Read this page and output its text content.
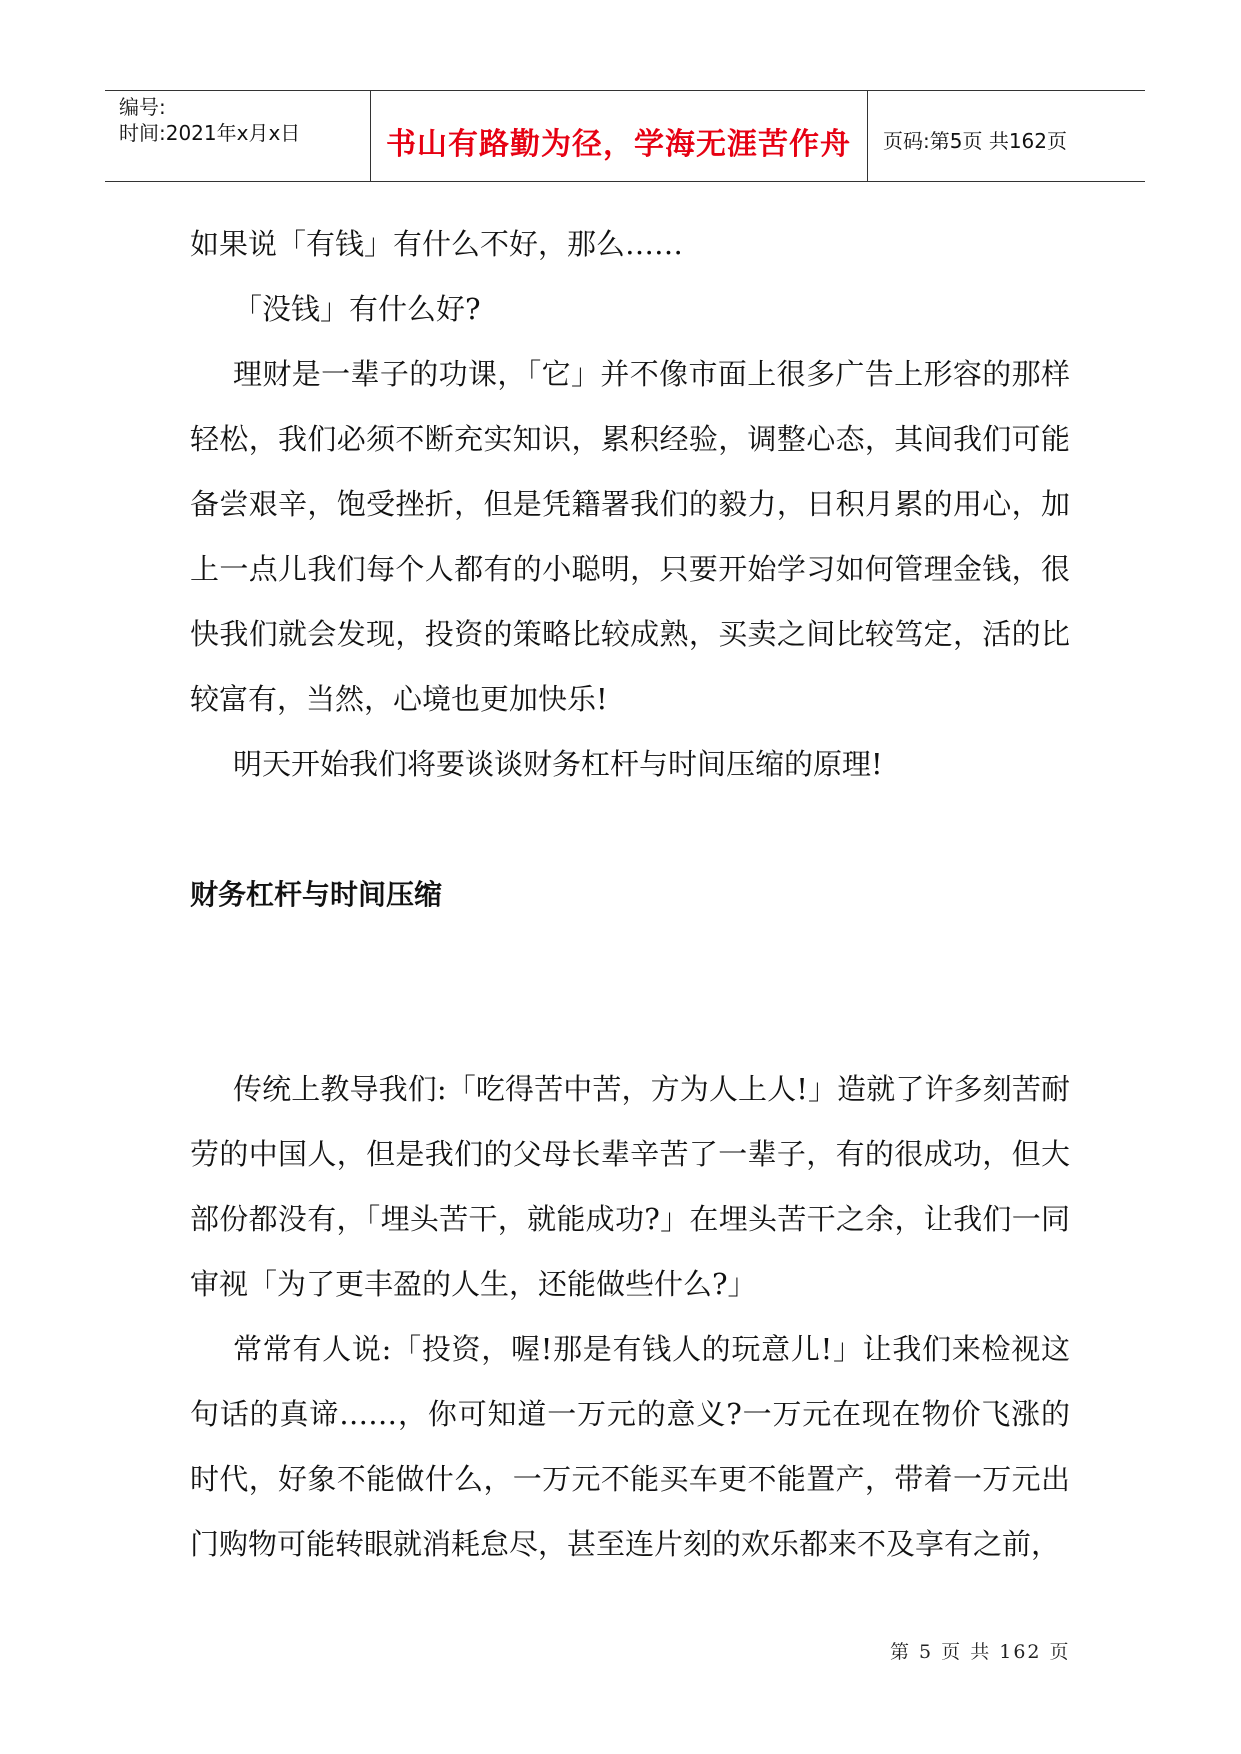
编号:
时间:2021年x月x日	书山有路勤为径，学海无涯苦作舟	页码:第5页 共162页

如果说「有钱」有什么不好，那么……

「没钱」有什么好?

理财是一辈子的功课，「它」并不像市面上很多广告上形容的那样轻松，我们必须不断充实知识，累积经验，调整心态，其间我们可能备尝艰辛，饱受挫折，但是凭籍署我们的毅力，日积月累的用心，加上一点儿我们每个人都有的小聪明，只要开始学习如何管理金钱，很快我们就会发现，投资的策略比较成熟，买卖之间比较笃定，活的比较富有，当然，心境也更加快乐!

明天开始我们将要谈谈财务杠杆与时间压缩的原理!

财务杠杆与时间压缩

传统上教导我们:「吃得苦中苦，方为人上人!」造就了许多刻苦耐劳的中国人，但是我们的父母长辈辛苦了一辈子，有的很成功，但大部份都没有，「埋头苦干，就能成功?」在埋头苦干之余，让我们一同审视「为了更丰盈的人生，还能做些什么?」

常常有人说:「投资，喔!那是有钱人的玩意儿!」让我们来检视这句话的真谛……，你可知道一万元的意义?一万元在现在物价飞涨的时代，好象不能做什么，一万元不能买车更不能置产，带着一万元出门购物可能转眼就消耗怠尽，甚至连片刻的欢乐都来不及享有之前，

第 5 页 共 162 页
